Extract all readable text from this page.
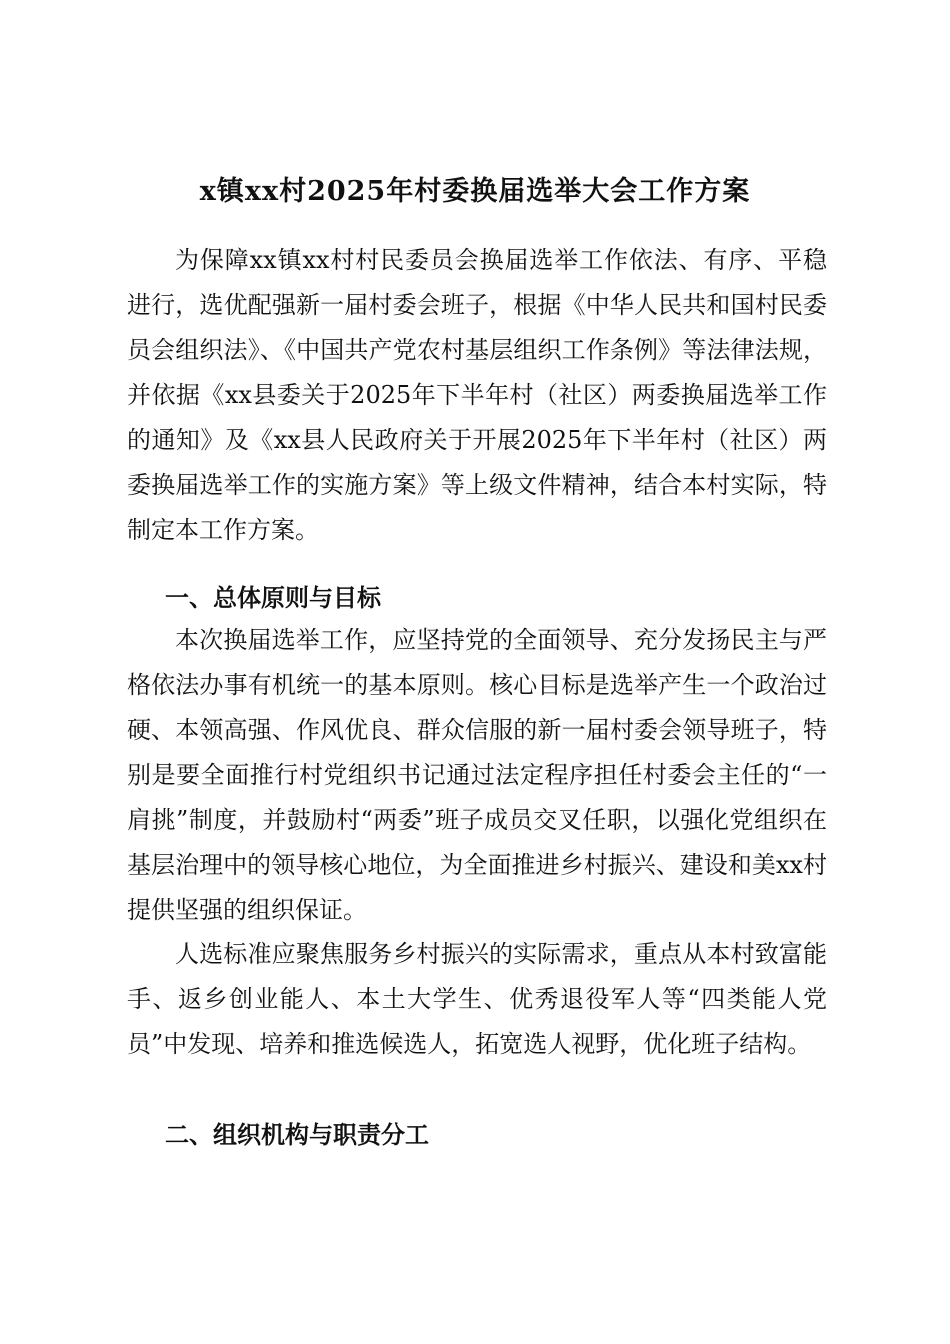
x镇xx村2025年村委换届选举大会工作方案

为保障xx镇xx村村民委员会换届选举工作依法、有序、平稳进行，选优配强新一届村委会班子，根据《中华人民共和国村民委员会组织法》、《中国共产党农村基层组织工作条例》等法律法规，并依据《xx县委关于2025年下半年村（社区）两委换届选举工作的通知》及《xx县人民政府关于开展2025年下半年村（社区）两委换届选举工作的实施方案》等上级文件精神，结合本村实际，特制定本工作方案。

一、总体原则与目标

本次换届选举工作，应坚持党的全面领导、充分发扬民主与严格依法办事有机统一的基本原则。核心目标是选举产生一个政治过硬、本领高强、作风优良、群众信服的新一届村委会领导班子，特别是要全面推行村党组织书记通过法定程序担任村委会主任的“一肩挑”制度，并鼓励村“两委”班子成员交叉任职，以强化党组织在基层治理中的领导核心地位，为全面推进乡村振兴、建设和美xx村提供坚强的组织保证。

人选标准应聚焦服务乡村振兴的实际需求，重点从本村致富能手、返乡创业能人、本土大学生、优秀退役军人等“四类能人党员”中发现、培养和推选候选人，拓宽选人视野，优化班子结构。

二、组织机构与职责分工
